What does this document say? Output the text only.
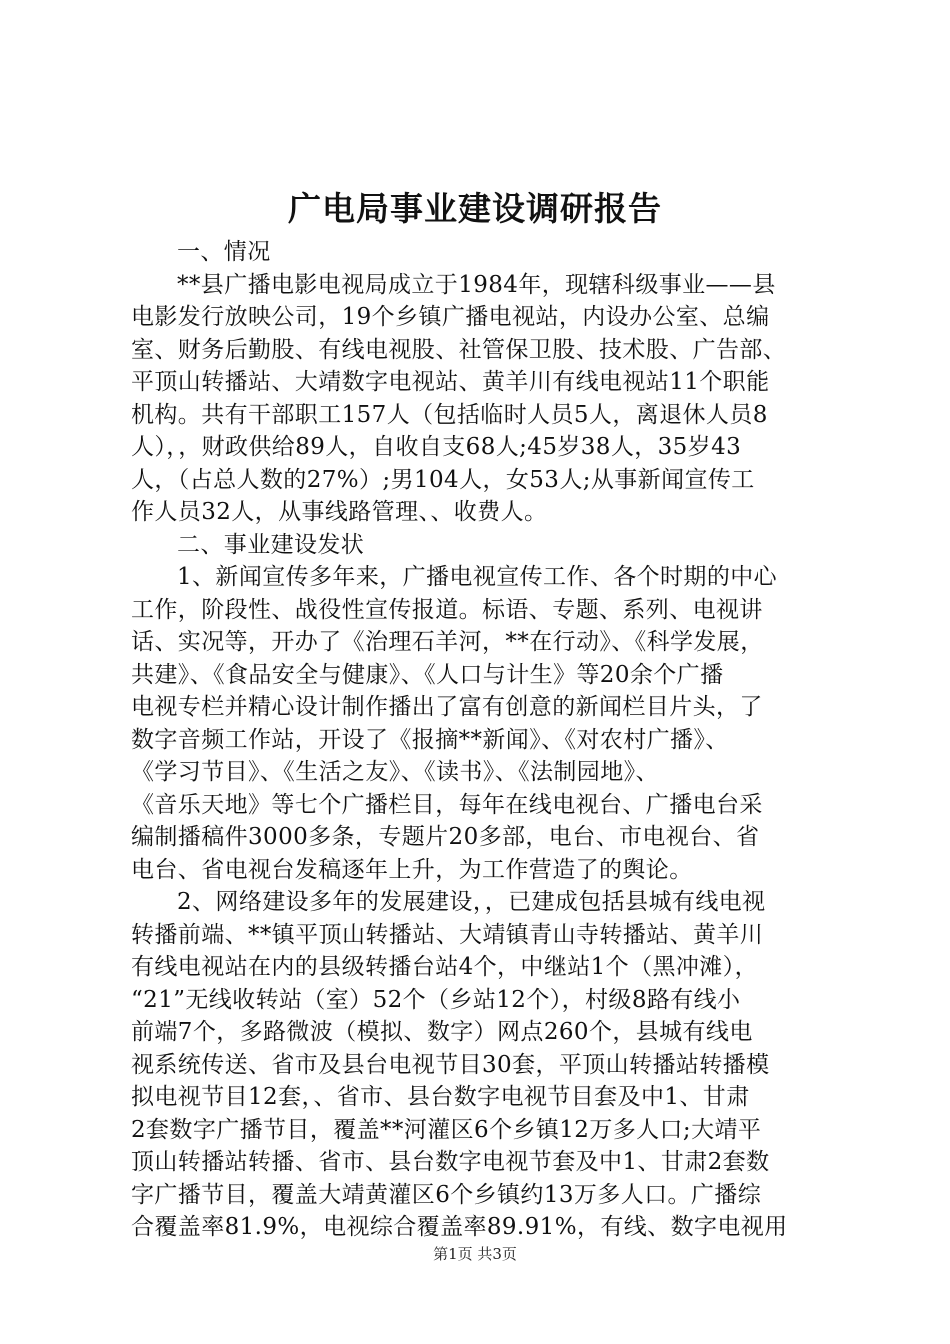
广电局事业建设调研报告
一、情况
**县广播电影电视局成立于1984年，现辖科级事业——县
电影发行放映公司，19个乡镇广播电视站，内设办公室、总编
室、财务后勤股、有线电视股、社管保卫股、技术股、广告部、
平顶山转播站、大靖数字电视站、黄羊川有线电视站11个职能
机构。共有干部职工157人（包括临时人员5人，离退休人员8
人），，财政供给89人，自收自支68人;45岁38人，35岁43
人，（占总人数的27%）;男104人，女53人;从事新闻宣传工
作人员32人，从事线路管理、、收费人。
二、事业建设发状
1、新闻宣传多年来，广播电视宣传工作、各个时期的中心
工作，阶段性、战役性宣传报道。标语、专题、系列、电视讲
话、实况等，开办了《治理石羊河，**在行动》、《科学发展，
共建》、《食品安全与健康》、《人口与计生》等20余个广播
电视专栏并精心设计制作播出了富有创意的新闻栏目片头，了
数字音频工作站，开设了《报摘**新闻》、《对农村广播》、
《学习节目》、《生活之友》、《读书》、《法制园地》、
《音乐天地》等七个广播栏目，每年在线电视台、广播电台采
编制播稿件3000多条，专题片20多部，电台、市电视台、省
电台、省电视台发稿逐年上升，为工作营造了的舆论。
2、网络建设多年的发展建设，，已建成包括县城有线电视
转播前端、**镇平顶山转播站、大靖镇青山寺转播站、黄羊川
有线电视站在内的县级转播台站4个，中继站1个（黑冲滩），
“21”无线收转站（室）52个（乡站12个），村级8路有线小
前端7个，多路微波（模拟、数字）网点260个，县城有线电
视系统传送、省市及县台电视节目30套，平顶山转播站转播模
拟电视节目12套，、省市、县台数字电视节目套及中1、甘肃
2套数字广播节目，覆盖**河灌区6个乡镇12万多人口;大靖平
顶山转播站转播、省市、县台数字电视节套及中1、甘肃2套数
字广播节目，覆盖大靖黄灌区6个乡镇约13万多人口。广播综
合覆盖率81.9%，电视综合覆盖率89.91%，有线、数字电视用
第1页 共3页
